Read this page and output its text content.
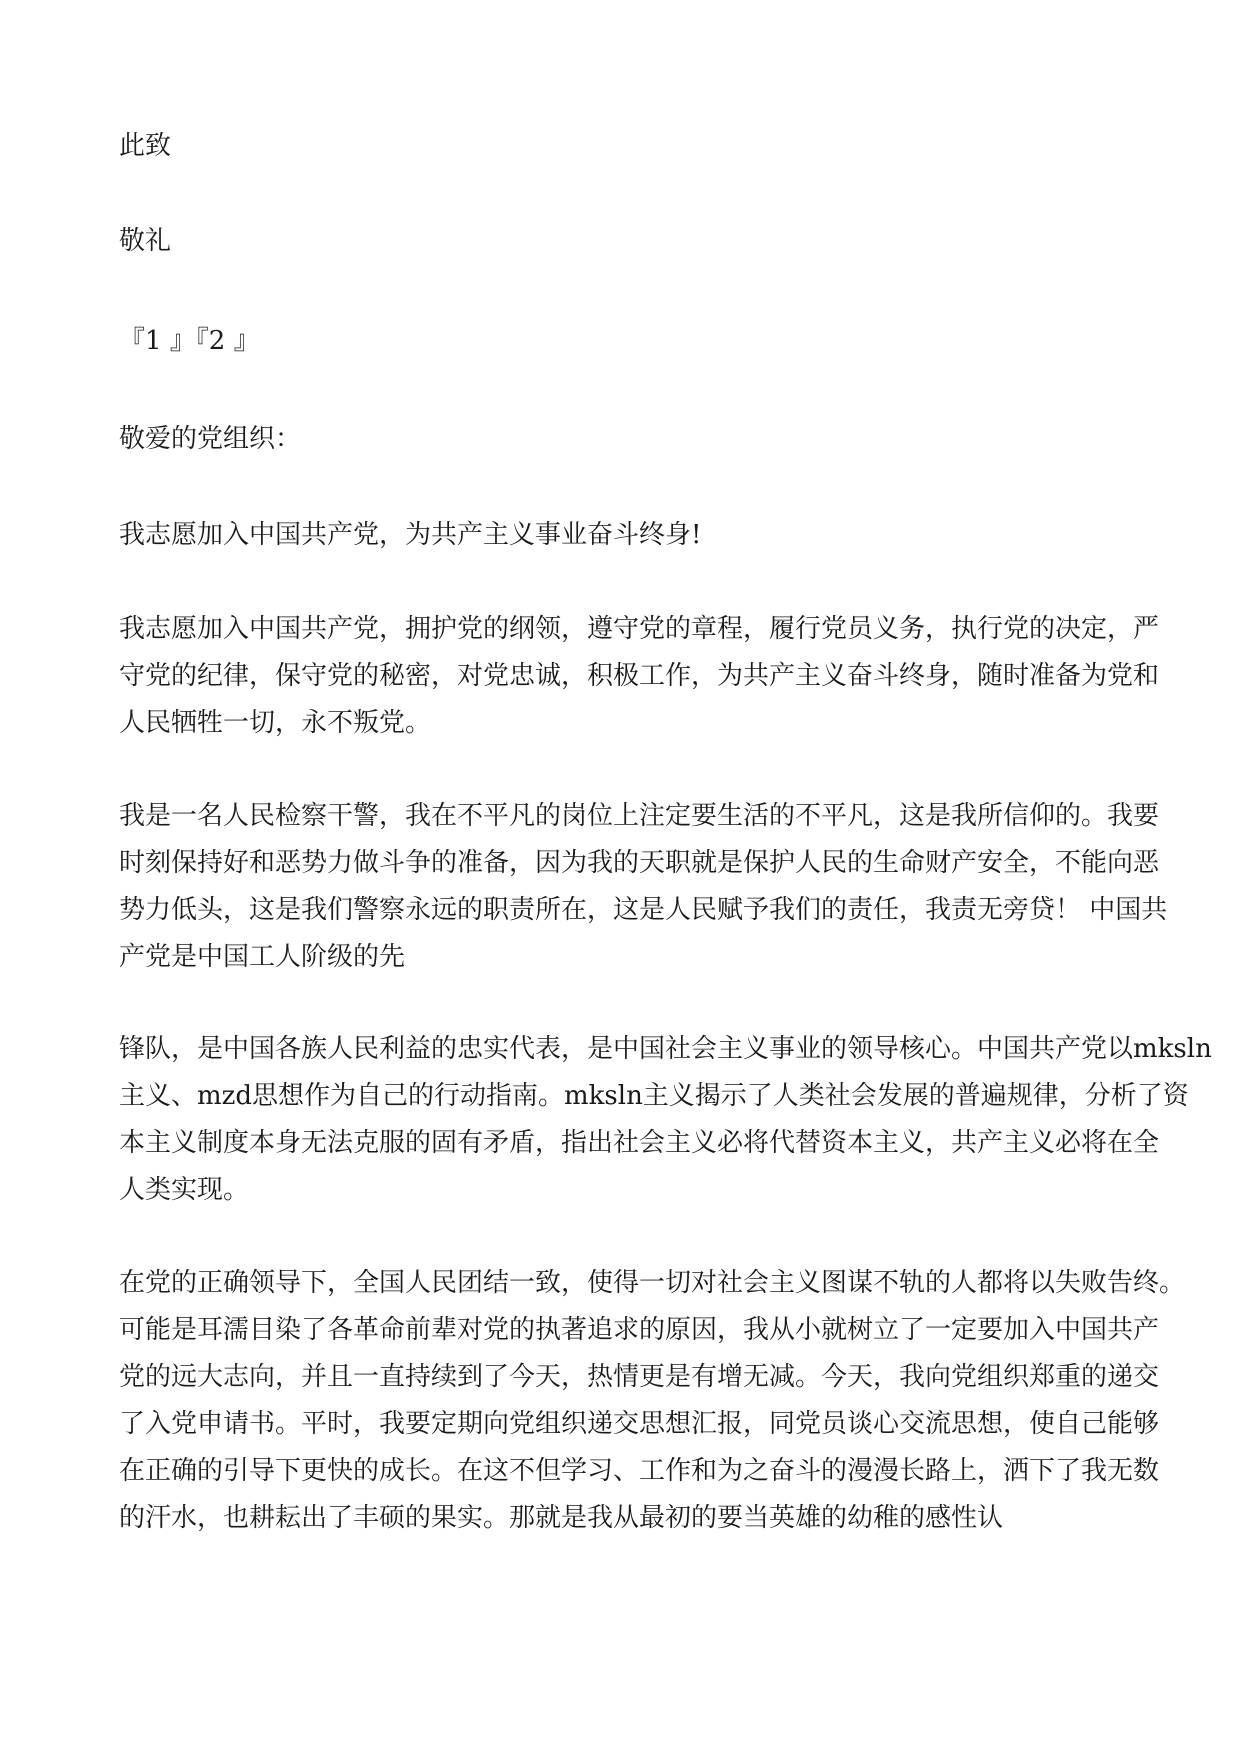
此致

敬礼

『1 』『2 』

敬爱的党组织：

我志愿加入中国共产党，为共产主义事业奋斗终身!
我志愿加入中国共产党，拥护党的纲领，遵守党的章程，履行党员义务，执行党的决定，严
守党的纪律，保守党的秘密，对党忠诚，积极工作，为共产主义奋斗终身，随时准备为党和
人民牺牲一切，永不叛党。
我是一名人民检察干警，我在不平凡的岗位上注定要生活的不平凡，这是我所信仰的。我要
时刻保持好和恶势力做斗争的准备，因为我的天职就是保护人民的生命财产安全，不能向恶
势力低头，这是我们警察永远的职责所在，这是人民赋予我们的责任，我责无旁贷！ 中国共
产党是中国工人阶级的先
锋队，是中国各族人民利益的忠实代表，是中国社会主义事业的领导核心。中国共产党以mksln
主义、mzd思想作为自己的行动指南。mksln主义揭示了人类社会发展的普遍规律，分析了资
本主义制度本身无法克服的固有矛盾，指出社会主义必将代替资本主义，共产主义必将在全
人类实现。
在党的正确领导下，全国人民团结一致，使得一切对社会主义图谋不轨的人都将以失败告终。
可能是耳濡目染了各革命前辈对党的执著追求的原因，我从小就树立了一定要加入中国共产
党的远大志向，并且一直持续到了今天，热情更是有增无减。今天，我向党组织郑重的递交
了入党申请书。平时，我要定期向党组织递交思想汇报，同党员谈心交流思想，使自己能够
在正确的引导下更快的成长。在这不但学习、工作和为之奋斗的漫漫长路上，洒下了我无数
的汗水，也耕耘出了丰硕的果实。那就是我从最初的要当英雄的幼稚的感性认
